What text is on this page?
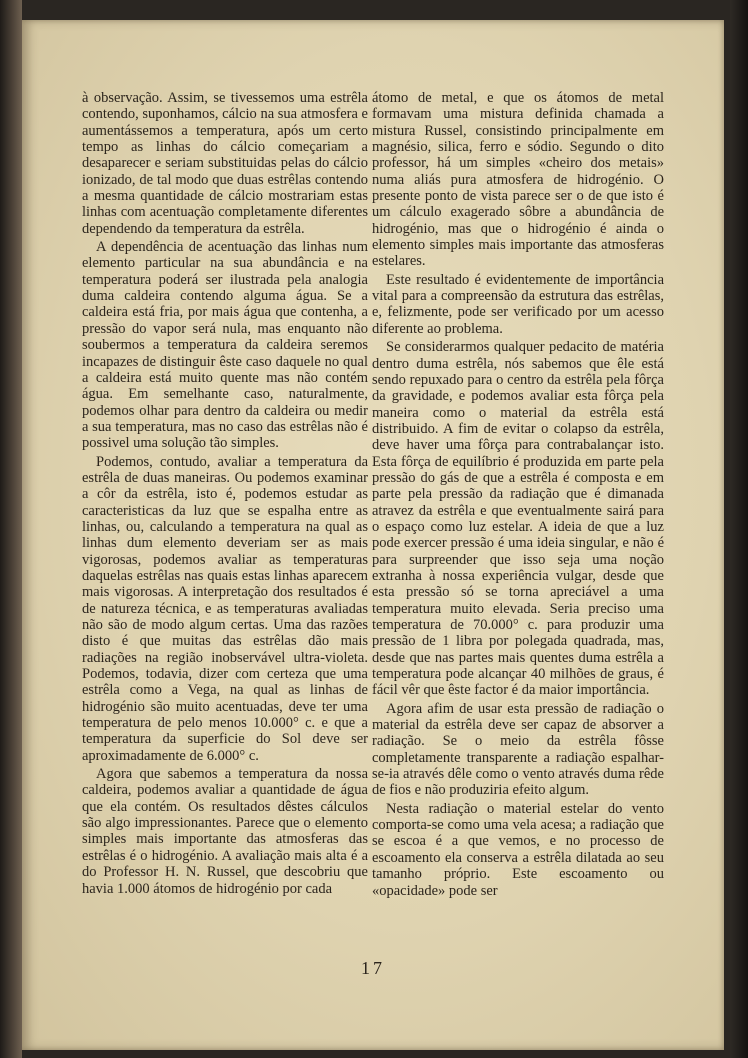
à observação. Assim, se tivessemos uma estrêla contendo, suponhamos, cálcio na sua atmosfera e aumentássemos a temperatura, após um certo tempo as linhas do cálcio começariam a desaparecer e seriam substituidas pelas do cálcio ionizado, de tal modo que duas estrêlas contendo a mesma quantidade de cálcio mostrariam estas linhas com acentuação completamente diferentes dependendo da temperatura da estrêla.

A dependência de acentuação das linhas num elemento particular na sua abundância e na temperatura poderá ser ilustrada pela analogia duma caldeira contendo alguma água. Se a caldeira está fria, por mais água que contenha, a pressão do vapor será nula, mas enquanto não soubermos a temperatura da caldeira seremos incapazes de distinguir êste caso daquele no qual a caldeira está muito quente mas não contém água. Em semelhante caso, naturalmente, podemos olhar para dentro da caldeira ou medir a sua temperatura, mas no caso das estrêlas não é possivel uma solução tão simples.

Podemos, contudo, avaliar a temperatura da estrêla de duas maneiras. Ou podemos examinar a côr da estrêla, isto é, podemos estudar as caracteristicas da luz que se espalha entre as linhas, ou, calculando a temperatura na qual as linhas dum elemento deveriam ser as mais vigorosas, podemos avaliar as temperaturas daquelas estrêlas nas quais estas linhas aparecem mais vigorosas. A interpretação dos resultados é de natureza técnica, e as temperaturas avaliadas não são de modo algum certas. Uma das razões disto é que muitas das estrêlas dão mais radiações na região inobservável ultra-violeta. Podemos, todavia, dizer com certeza que uma estrêla como a Vega, na qual as linhas de hidrogénio são muito acentuadas, deve ter uma temperatura de pelo menos 10.000° c. e que a temperatura da superficie do Sol deve ser aproximadamente de 6.000° c.

Agora que sabemos a temperatura da nossa caldeira, podemos avaliar a quantidade de água que ela contém. Os resultados dêstes cálculos são algo impressionantes. Parece que o elemento simples mais importante das atmosferas das estrêlas é o hidrogénio. A avaliação mais alta é a do Professor H. N. Russel, que descobriu que havia 1.000 átomos de hidrogénio por cada

átomo de metal, e que os átomos de metal formavam uma mistura definida chamada a mistura Russel, consistindo principalmente em magnésio, silica, ferro e sódio. Segundo o dito professor, há um simples «cheiro dos metais» numa aliás pura atmosfera de hidrogénio. O presente ponto de vista parece ser o de que isto é um cálculo exagerado sôbre a abundância de hidrogénio, mas que o hidrogénio é ainda o elemento simples mais importante das atmosferas estelares.

Este resultado é evidentemente de importância vital para a compreensão da estrutura das estrêlas, e, felizmente, pode ser verificado por um acesso diferente ao problema.

Se considerarmos qualquer pedacito de matéria dentro duma estrêla, nós sabemos que êle está sendo repuxado para o centro da estrêla pela fôrça da gravidade, e podemos avaliar esta fôrça pela maneira como o material da estrêla está distribuido. A fim de evitar o colapso da estrêla, deve haver uma fôrça para contrabalançar isto. Esta fôrça de equilíbrio é produzida em parte pela pressão do gás de que a estrêla é composta e em parte pela pressão da radiação que é dimanada atravez da estrêla e que eventualmente sairá para o espaço como luz estelar. A ideia de que a luz pode exercer pressão é uma ideia singular, e não é para surpreender que isso seja uma noção extranha à nossa experiência vulgar, desde que esta pressão só se torna apreciável a uma temperatura muito elevada. Seria preciso uma temperatura de 70.000° c. para produzir uma pressão de 1 libra por polegada quadrada, mas, desde que nas partes mais quentes duma estrêla a temperatura pode alcançar 40 milhões de graus, é fácil vêr que êste factor é da maior importância.

Agora afim de usar esta pressão de radiação o material da estrêla deve ser capaz de absorver a radiação. Se o meio da estrêla fôsse completamente transparente a radiação espalhar-se-ia através dêle como o vento através duma rêde de fios e não produziria efeito algum.

Nesta radiação o material estelar do vento comporta-se como uma vela acesa; a radiação que se escoa é a que vemos, e no processo de escoamento ela conserva a estrêla dilatada ao seu tamanho próprio. Este escoamento ou «opacidade» pode ser

17
